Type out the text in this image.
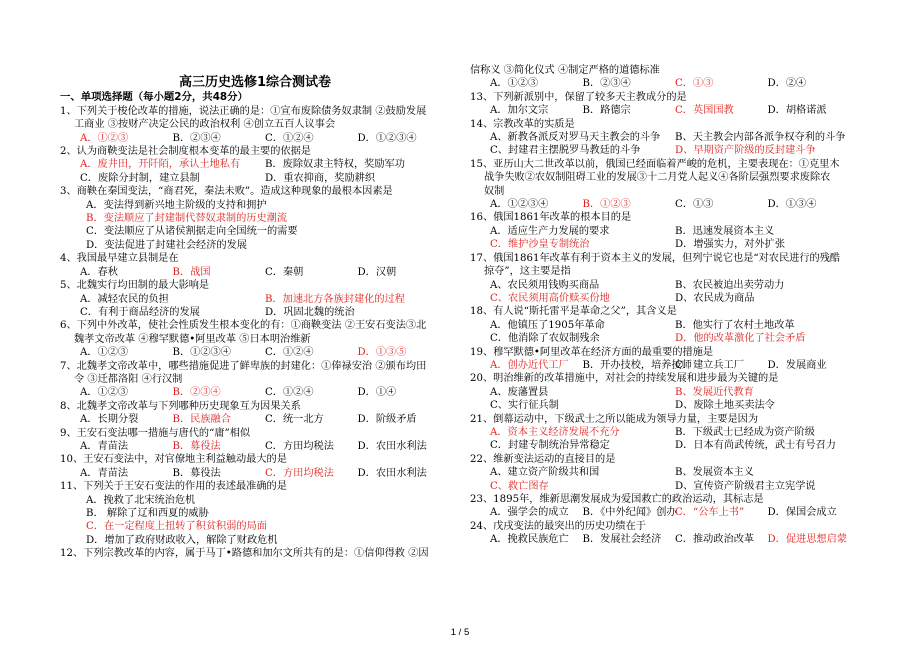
高三历史选修1综合测试卷
一、单项选择题（每小题2分，共48分）
1、下列关于梭伦改革的措施，说法正确的是：①宣布废除债务奴隶制 ②鼓励发展
工商业 ③按财产决定公民的政治权利 ④创立五百人议事会
A．①②③	B．②③④	C．①②④	D．①②③④
2、认为商鞅变法是社会制度根本变革的最主要的依据是
A．废井田，开阡陌，承认土地私有	B．废除奴隶主特权，奖励军功
C．废除分封制，建立县制	D．重农抑商，奖励耕织
3、商鞅在秦国变法，“商君死，秦法未败”。造成这种现象的最根本因素是
A．变法得到新兴地主阶级的支持和拥护
B．变法顺应了封建制代替奴隶制的历史潮流
C．变法顺应了从诸侯割据走向全国统一的需要
D．变法促进了封建社会经济的发展
4、我国最早建立县制是在
A．春秋	B．战国	C．秦朝	D．汉朝
5、北魏实行均田制的最大影响是
A．减轻农民的负担	B．加速北方各族封建化的过程
C．有利于商品经济的发展	D．巩固北魏的统治
6、下列中外改革，使社会性质发生根本变化的有：①商鞅变法 ②王安石变法③北
魏孝文帝改革 ④穆罕默德•阿里改革 ⑤日本明治维新
A．①②③	B．①②③④	C．①②④	D．①③⑤
7、北魏孝文帝改革中，哪些措施促进了鲜卑族的封建化：①俸禄安治 ②颁布均田
令 ③迁都洛阳 ④行汉制
A．①②③	B．②③④	C．①②④	D．①④
8、北魏孝文帝改革与下列哪种历史现象互为因果关系
A．长期分裂	B．民族融合	C．统一北方	D．阶级矛盾
9、王安石变法哪一措施与唐代的“庸”相似
A．青苗法	B．募役法	C．方田均税法	D．农田水利法
10、王安石变法中，对官僚地主利益触动最大的是
A．青苗法	B．募役法	C．方田均税法	D．农田水利法
11、下列关于王安石变法的作用的表述最准确的是
A．挽救了北宋统治危机
B． 解除了辽和西夏的威胁
C．在一定程度上扭转了积贫积弱的局面
D．增加了政府财政收入，解除了财政危机
12、下列宗教改革的内容，属于马丁•路德和加尔文所共有的是：①信仰得救 ②因
信称义 ③简化仪式 ④制定严格的道德标准
A．①②③	B．②③④	C．①③	D．②④
13、下列新派别中，保留了较多天主教成分的是
A．加尔文宗	B．路德宗	C．英国国教	D．胡格诺派
14、宗教改革的实质是
A、新教各派反对罗马天主教会的斗争	B、天主教会内部各派争权夺利的斗争
C、封建君主摆脱罗马教廷的斗争	D、早期资产阶级的反封建斗争
15、亚历山大二世改革以前，俄国已经面临着严峻的危机，主要表现在：①克里木
战争失败②农奴制阻碍工业的发展③十二月党人起义④各阶层强烈要求废除农
奴制
A．①②③④	B．①②③	C．①③	D．①③④
16、俄国1861年改革的根本目的是
A．适应生产力发展的要求	B．迅速发展资本主义
C．维护沙皇专制统治	D．增强实力，对外扩张
17、俄国1861年改革有利于资本主义的发展，但列宁说它也是“对农民进行的残酷
掠夺”，这主要是指
A、农民须用钱购买商品	B、农民被迫出卖劳动力
C、农民须用高价赎买份地	D、农民成为商品
18、有人说“斯托雷平是革命之父”，其含义是
A．他镇压了1905年革命	B．他实行了农村土地改革
C．他消除了农奴制残余	D．他的改革激化了社会矛盾
19、穆罕默德•阿里改革在经济方面的最重要的措施是
A．创办近代工厂	B．开办技校，培养技师
C．建立兵工厂	D．发展商业
20、明治维新的改革措施中，对社会的持续发展和进步最为关键的是
A、废藩置县	B、发展近代教育
C、实行征兵制	D、废除土地买卖法令
21、倒幕运动中，下级武士之所以能成为领导力量，主要是因为
A．资本主义经济发展不充分	B．下级武士已经成为资产阶级
C．封建专制统治异常稳定	D．日本有尚武传统，武士有号召力
22、维新变法运动的直接目的是
A、建立资产阶级共和国	B、发展资本主义
C、救亡图存	D、宣传资产阶级君主立宪学说
23、1895年，维新思潮发展成为爱国救亡的政治运动，其标志是
A．强学会的成立	B．《中外纪闻》创办
C．“公车上书”	D．保国会成立
24、戊戌变法的最突出的历史功绩在于
A．挽救民族危亡	B．发展社会经济	C．推动政治改革	D．促进思想启蒙
1 / 5
